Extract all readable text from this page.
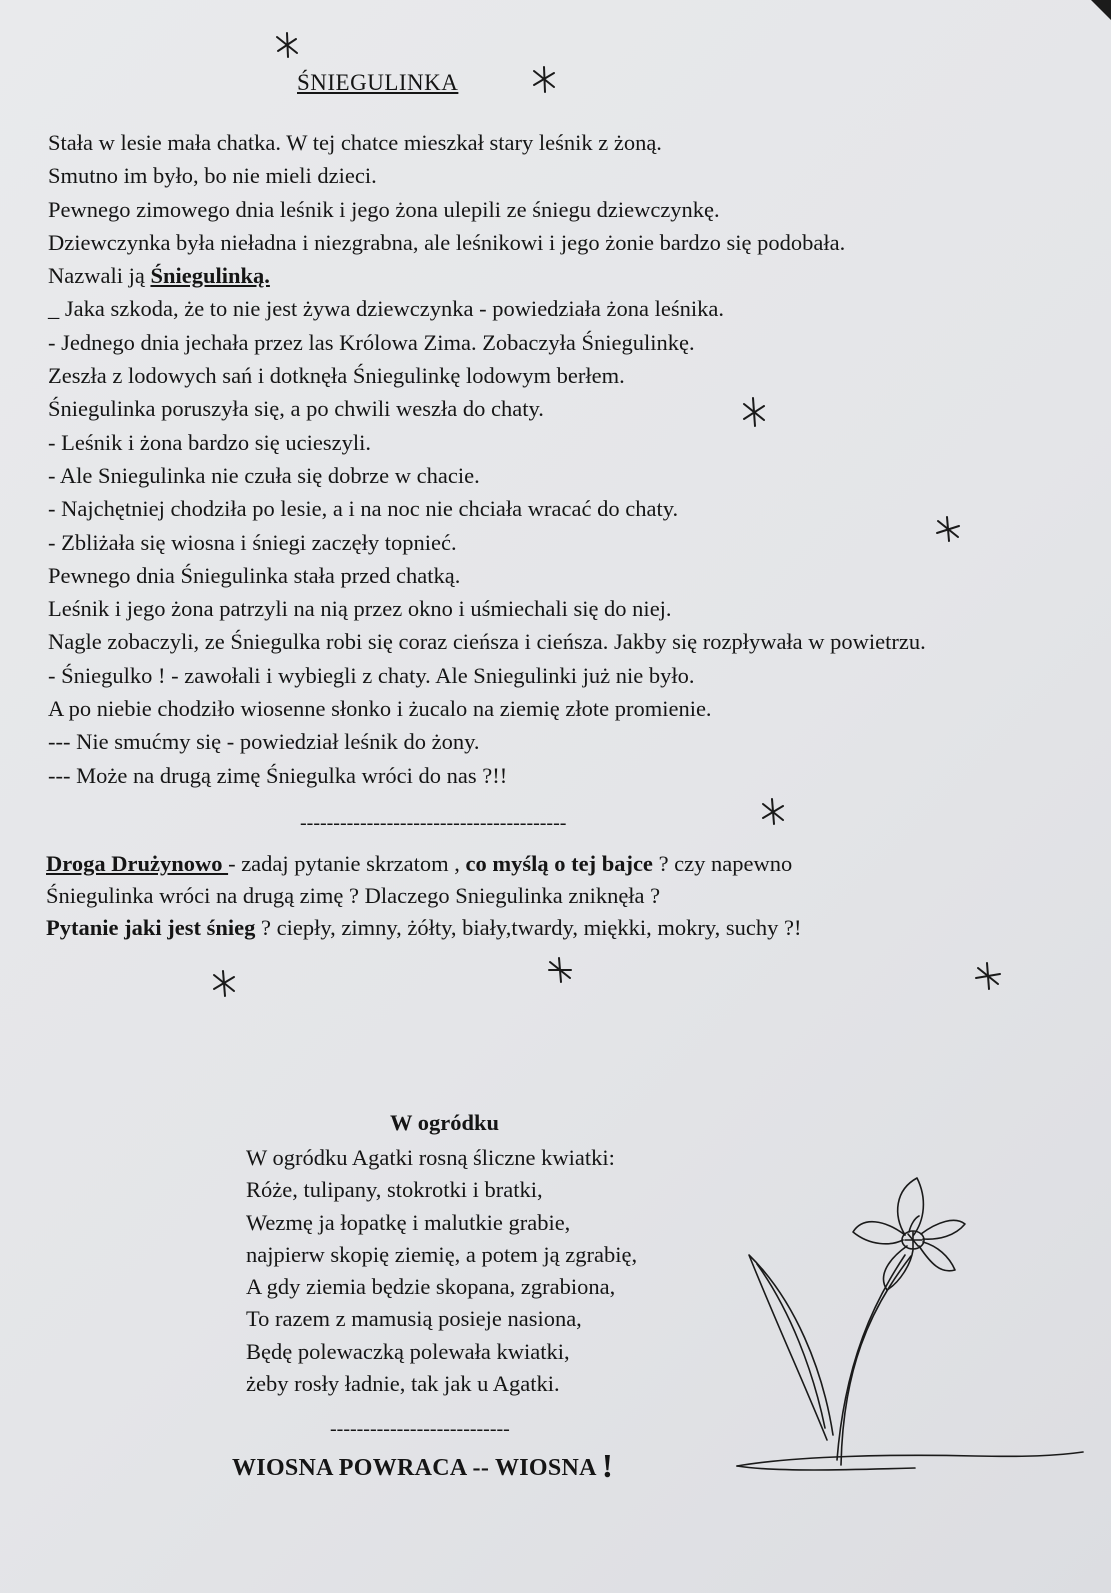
ŚNIEGULINKA
Stała w lesie mała chatka. W tej chatce mieszkał stary leśnik z żoną.
Smutno im było, bo nie mieli dzieci.
Pewnego zimowego dnia leśnik i jego żona ulepili ze śniegu dziewczynkę.
Dziewczynka była nieładna i niezgrabna, ale leśnikowi i jego żonie bardzo się podobała.
Nazwali ją Śniegulinką.
_ Jaka szkoda, że to nie jest żywa dziewczynka - powiedziała żona leśnika.
- Jednego dnia jechała przez las Królowa Zima. Zobaczyła Śniegulinkę.
Zeszła z lodowych sań i dotknęła Śniegulinkę lodowym berłem.
Śniegulinka poruszyła się, a po chwili weszła do chaty.
- Leśnik i żona bardzo się ucieszyli.
- Ale Sniegulinka nie czuła się dobrze w chacie.
- Najchętniej chodziła po lesie, a i na noc nie chciała wracać do chaty.
- Zbliżała się wiosna i śniegi zaczęły topnieć.
Pewnego dnia Śniegulinka stała przed chatką.
Leśnik i jego żona patrzyli na nią przez okno i uśmiechali się do niej.
Nagle zobaczyli, ze Śniegulka robi się coraz cieńsza i cieńsza. Jakby się rozpływała w powietrzu.
- Śniegulko ! - zawołali i wybiegli z chaty. Ale Sniegulinki już nie było.
A po niebie chodziło wiosenne słonko i żucalo na ziemię złote promienie.
--- Nie smućmy się - powiedział leśnik do żony.
--- Może na drugą zimę Śniegulka wróci do nas ?!!
----------------------------------------
Droga Drużynowo - zadaj pytanie skrzatom , co myślą o tej bajce ? czy napewno
Śniegulinka wróci na drugą zimę ? Dlaczego Sniegulinka zniknęła ?
Pytanie jaki jest śnieg ? ciepły, zimny, żółty, biały,twardy, miękki, mokry, suchy ?!
W ogródku
W ogródku Agatki rosną śliczne kwiatki:
Róże, tulipany, stokrotki i bratki,
Wezmę ja łopatkę i malutkie grabie,
najpierw skopię ziemię, a potem ją zgrabię,
A gdy ziemia będzie skopana, zgrabiona,
To razem z mamusią posieje nasiona,
Będę polewaczką polewała kwiatki,
żeby rosły ładnie, tak jak u Agatki.
---------------------------
WIOSNA POWRACA -- WIOSNA !
